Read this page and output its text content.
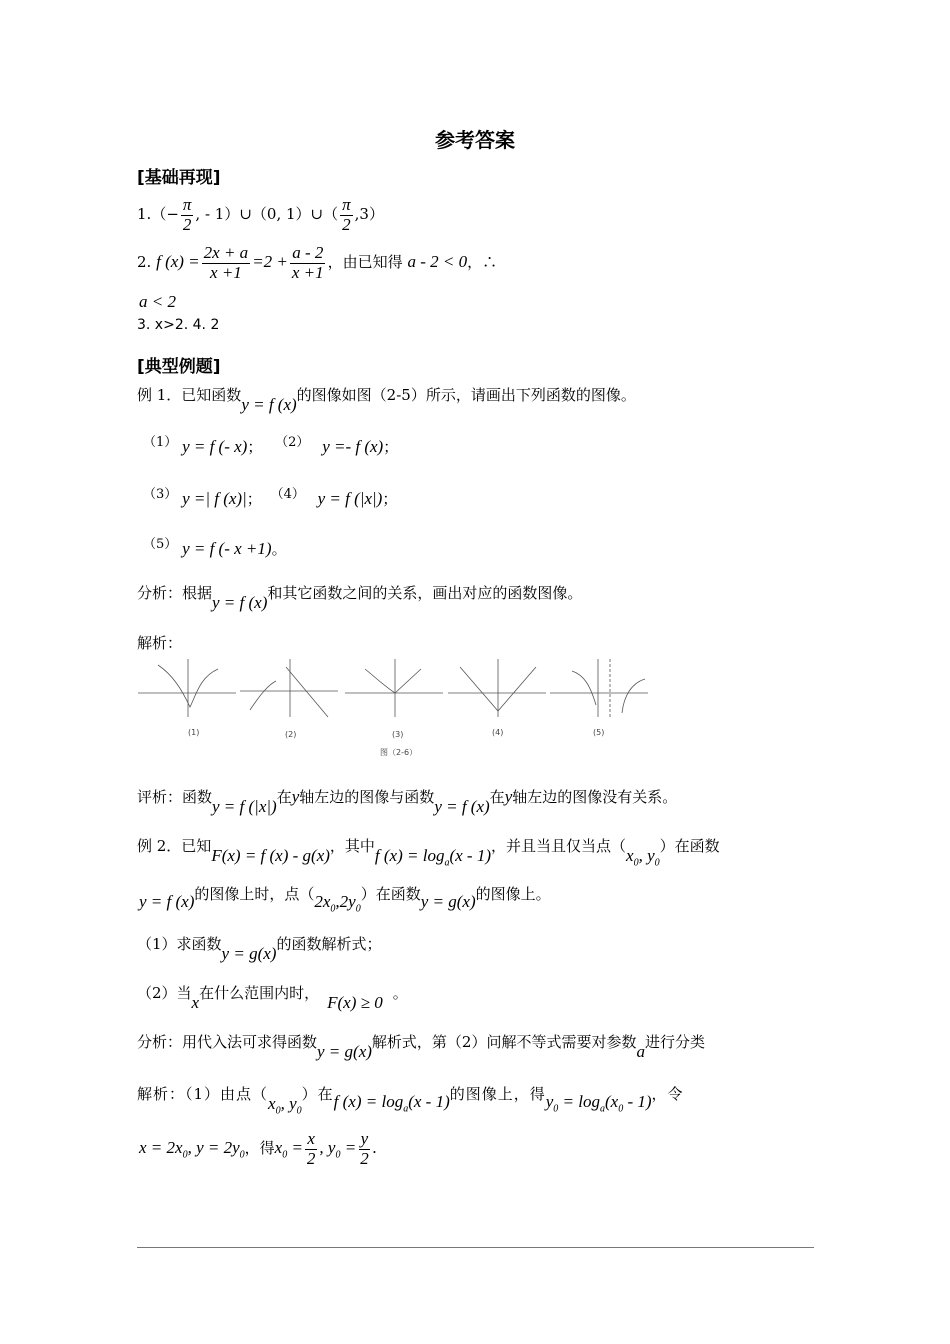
参考答案
[基础再现]
$1.(- \frac{\pi}{2}$ , - 1）∪（0, 1）∪（ $\frac{\pi}{2} ,3$）
2. f $(x) = \frac{2x + a}{x +1} =2 + \frac{a - 2}{x +1}$ ，由已知得 a - 2 < 0，∴
a < 2
3. x>2. 4. 2
[典型例题]
例 1．已知函数y = f (x)的图像如图（2-5）所示，请画出下列函数的图像。
（1） y = f (- x)； （2） y =- f (x)；
（3） y =| f (x)|； （4） y = f (|x|)；
（5） y = f (- x +1)。
分析：根据y = f (x)和其它函数之间的关系，画出对应的函数图像。
解析：
(1)	(2)	(3)	(4)	(5)
图（2-6）
评析：函数y = f (|x|)在y轴左边的图像与函数y = f (x)在y轴左边的图像没有关系。
例 2．已知F(x) = f (x) - g(x)，其中f $(x) = \log_a(x - 1)$，并且当且仅当点（$x_0$, $y_0$）在函数
y = f (x)的图像上时，点$(2x_0,2y_0)$在函数y = g(x)的图像上。
（1）求函数y = g(x)的函数解析式；
（2）当x在什么范围内时， F(x) ≥ 0 。
分析：用代入法可求得函数y = g(x)解析式，第（2）问解不等式需要对参数a进行分类
解析：（1）由点（$x_0$, $y_0$）在f $(x) = \log_a(x - 1)$的图像上，得$y_0 = \log_a(x_0 - 1)$，令
$x = 2x_0$, $y = 2y_0$，得$x_0 = \frac{x}{2}$ , $y_0 = \frac{y}{2}$ .
